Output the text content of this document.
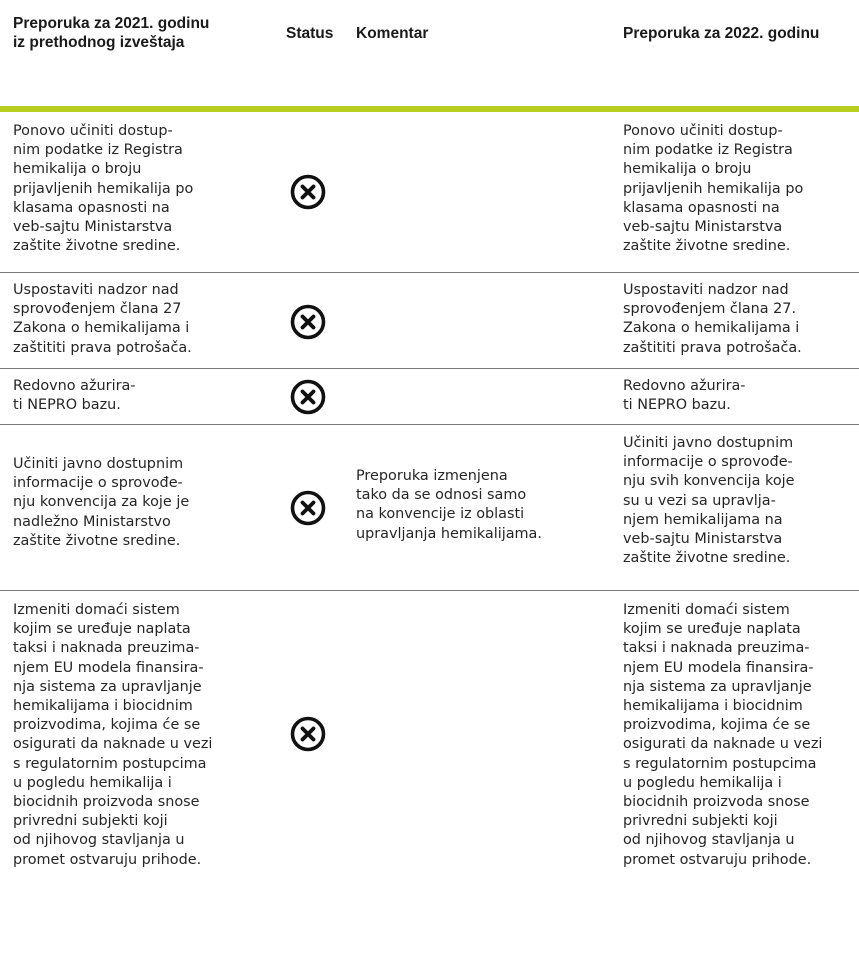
Preporuka za 2021. godinu
iz prethodnog izveštaja

Status Komentar	Preporuka za 2022. godinu

Ponovo učiniti dostup-
nim podatke iz Registra
hemikalija o broju
prijavljenih hemikalija po
klasama opasnosti na
veb-sajtu Ministarstva
zaštite životne sredine.

Ponovo učiniti dostup-
nim podatke iz Registra
hemikalija o broju
prijavljenih hemikalija po
klasama opasnosti na
veb-sajtu Ministarstva
zaštite životne sredine.

Uspostaviti nadzor nad
sprovođenjem člana 27
Zakona o hemikalijama i
zaštititi prava potrošača.

Uspostaviti nadzor nad
sprovođenjem člana 27.
Zakona o hemikalijama i
zaštititi prava potrošača.

Redovno ažurira-
ti NEPRO bazu.

Redovno ažurira-
ti NEPRO bazu.

Učiniti javno dostupnim
informacije o sprovođe-
nju konvencija za koje je
nadležno Ministarstvo
zaštite životne sredine.

Preporuka izmenjena
tako da se odnosi samo
na konvencije iz oblasti
upravljanja hemikalijama.

Učiniti javno dostupnim
informacije o sprovođe-
nju svih konvencija koje
su u vezi sa upravlja-
njem hemikalijama na
veb-sajtu Ministarstva
zaštite životne sredine.

Izmeniti domaći sistem
kojim se uređuje naplata
taksi i naknada preuzima-
njem EU modela finansira-
nja sistema za upravljanje
hemikalijama i biocidnim
proizvodima, kojima će se
osigurati da naknade u vezi
s regulatornim postupcima
u pogledu hemikalija i
biocidnih proizvoda snose
privredni subjekti koji
od njihovog stavljanja u
promet ostvaruju prihode.

Izmeniti domaći sistem
kojim se uređuje naplata
taksi i naknada preuzima-
njem EU modela finansira-
nja sistema za upravljanje
hemikalijama i biocidnim
proizvodima, kojima će se
osigurati da naknade u vezi
s regulatornim postupcima
u pogledu hemikalija i
biocidnih proizvoda snose
privredni subjekti koji
od njihovog stavljanja u
promet ostvaruju prihode.
